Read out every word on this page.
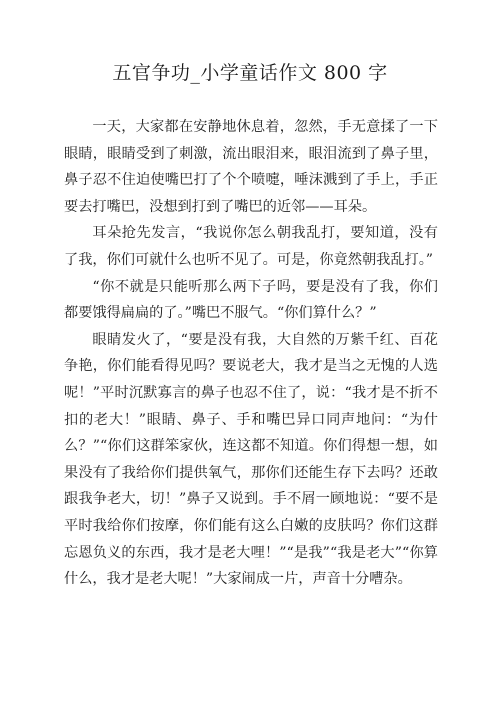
五官争功_小学童话作文 800 字

一天，大家都在安静地休息着，忽然，手无意揉了一下眼睛，眼睛受到了刺激，流出眼泪来，眼泪流到了鼻子里，鼻子忍不住迫使嘴巴打了个个喷嚏，唾沫溅到了手上，手正要去打嘴巴，没想到打到了嘴巴的近邻——耳朵。

耳朵抢先发言，“我说你怎么朝我乱打，要知道，没有了我，你们可就什么也听不见了。可是，你竟然朝我乱打。”

“你不就是只能听那么两下子吗，要是没有了我，你们都要饿得扁扁的了。”嘴巴不服气。“你们算什么？”

眼睛发火了，“要是没有我，大自然的万紫千红、百花争艳，你们能看得见吗？要说老大，我才是当之无愧的人选呢！”平时沉默寡言的鼻子也忍不住了，说：“我才是不折不扣的老大！”眼睛、鼻子、手和嘴巴异口同声地问：“为什么？”“你们这群笨家伙，连这都不知道。你们得想一想，如果没有了我给你们提供氧气，那你们还能生存下去吗？还敢跟我争老大，切！”鼻子又说到。手不屑一顾地说：“要不是平时我给你们按摩，你们能有这么白嫩的皮肤吗？你们这群忘恩负义的东西，我才是老大哩！”“是我”“我是老大”“你算什么，我才是老大呢！”大家闹成一片，声音十分嘈杂。
